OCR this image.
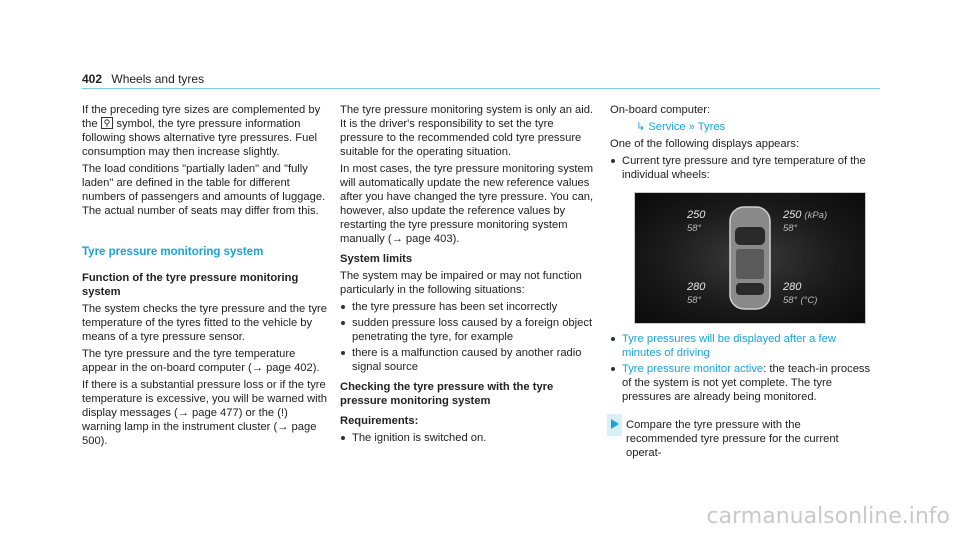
402 Wheels and tyres

If the preceding tyre sizes are complemented by the ⚲ symbol, the tyre pressure information following shows alternative tyre pressures. Fuel consumption may then increase slightly.

The load conditions "partially laden" and "fully laden" are defined in the table for different numbers of passengers and amounts of luggage. The actual number of seats may differ from this.

Tyre pressure monitoring system

Function of the tyre pressure monitoring system

The system checks the tyre pressure and the tyre temperature of the tyres fitted to the vehicle by means of a tyre pressure sensor.

The tyre pressure and the tyre temperature appear in the on-board computer (→ page 402).

If there is a substantial pressure loss or if the tyre temperature is excessive, you will be warned with display messages (→ page 477) or the (!) warning lamp in the instrument cluster (→ page 500).

The tyre pressure monitoring system is only an aid. It is the driver's responsibility to set the tyre pressure to the recommended cold tyre pressure suitable for the operating situation.

In most cases, the tyre pressure monitoring system will automatically update the new reference values after you have changed the tyre pressure. You can, however, also update the reference values by restarting the tyre pressure monitoring system manually (→ page 403).

System limits

The system may be impaired or may not function particularly in the following situations:

the tyre pressure has been set incorrectly
sudden pressure loss caused by a foreign object penetrating the tyre, for example
there is a malfunction caused by another radio signal source

Checking the tyre pressure with the tyre pressure monitoring system

Requirements:

The ignition is switched on.

On-board computer:

↳ Service » Tyres

One of the following displays appears:

Current tyre pressure and tyre temperature of the individual wheels:
250
58°
250 (kPa)
58°
280
58°
280
58° (°C)
Tyre pressures will be displayed after a few minutes of driving
Tyre pressure monitor active: the teach-in process of the system is not yet complete. The tyre pressures are already being monitored.

Compare the tyre pressure with the recommended tyre pressure for the current operat-

carmanualsonline.info
